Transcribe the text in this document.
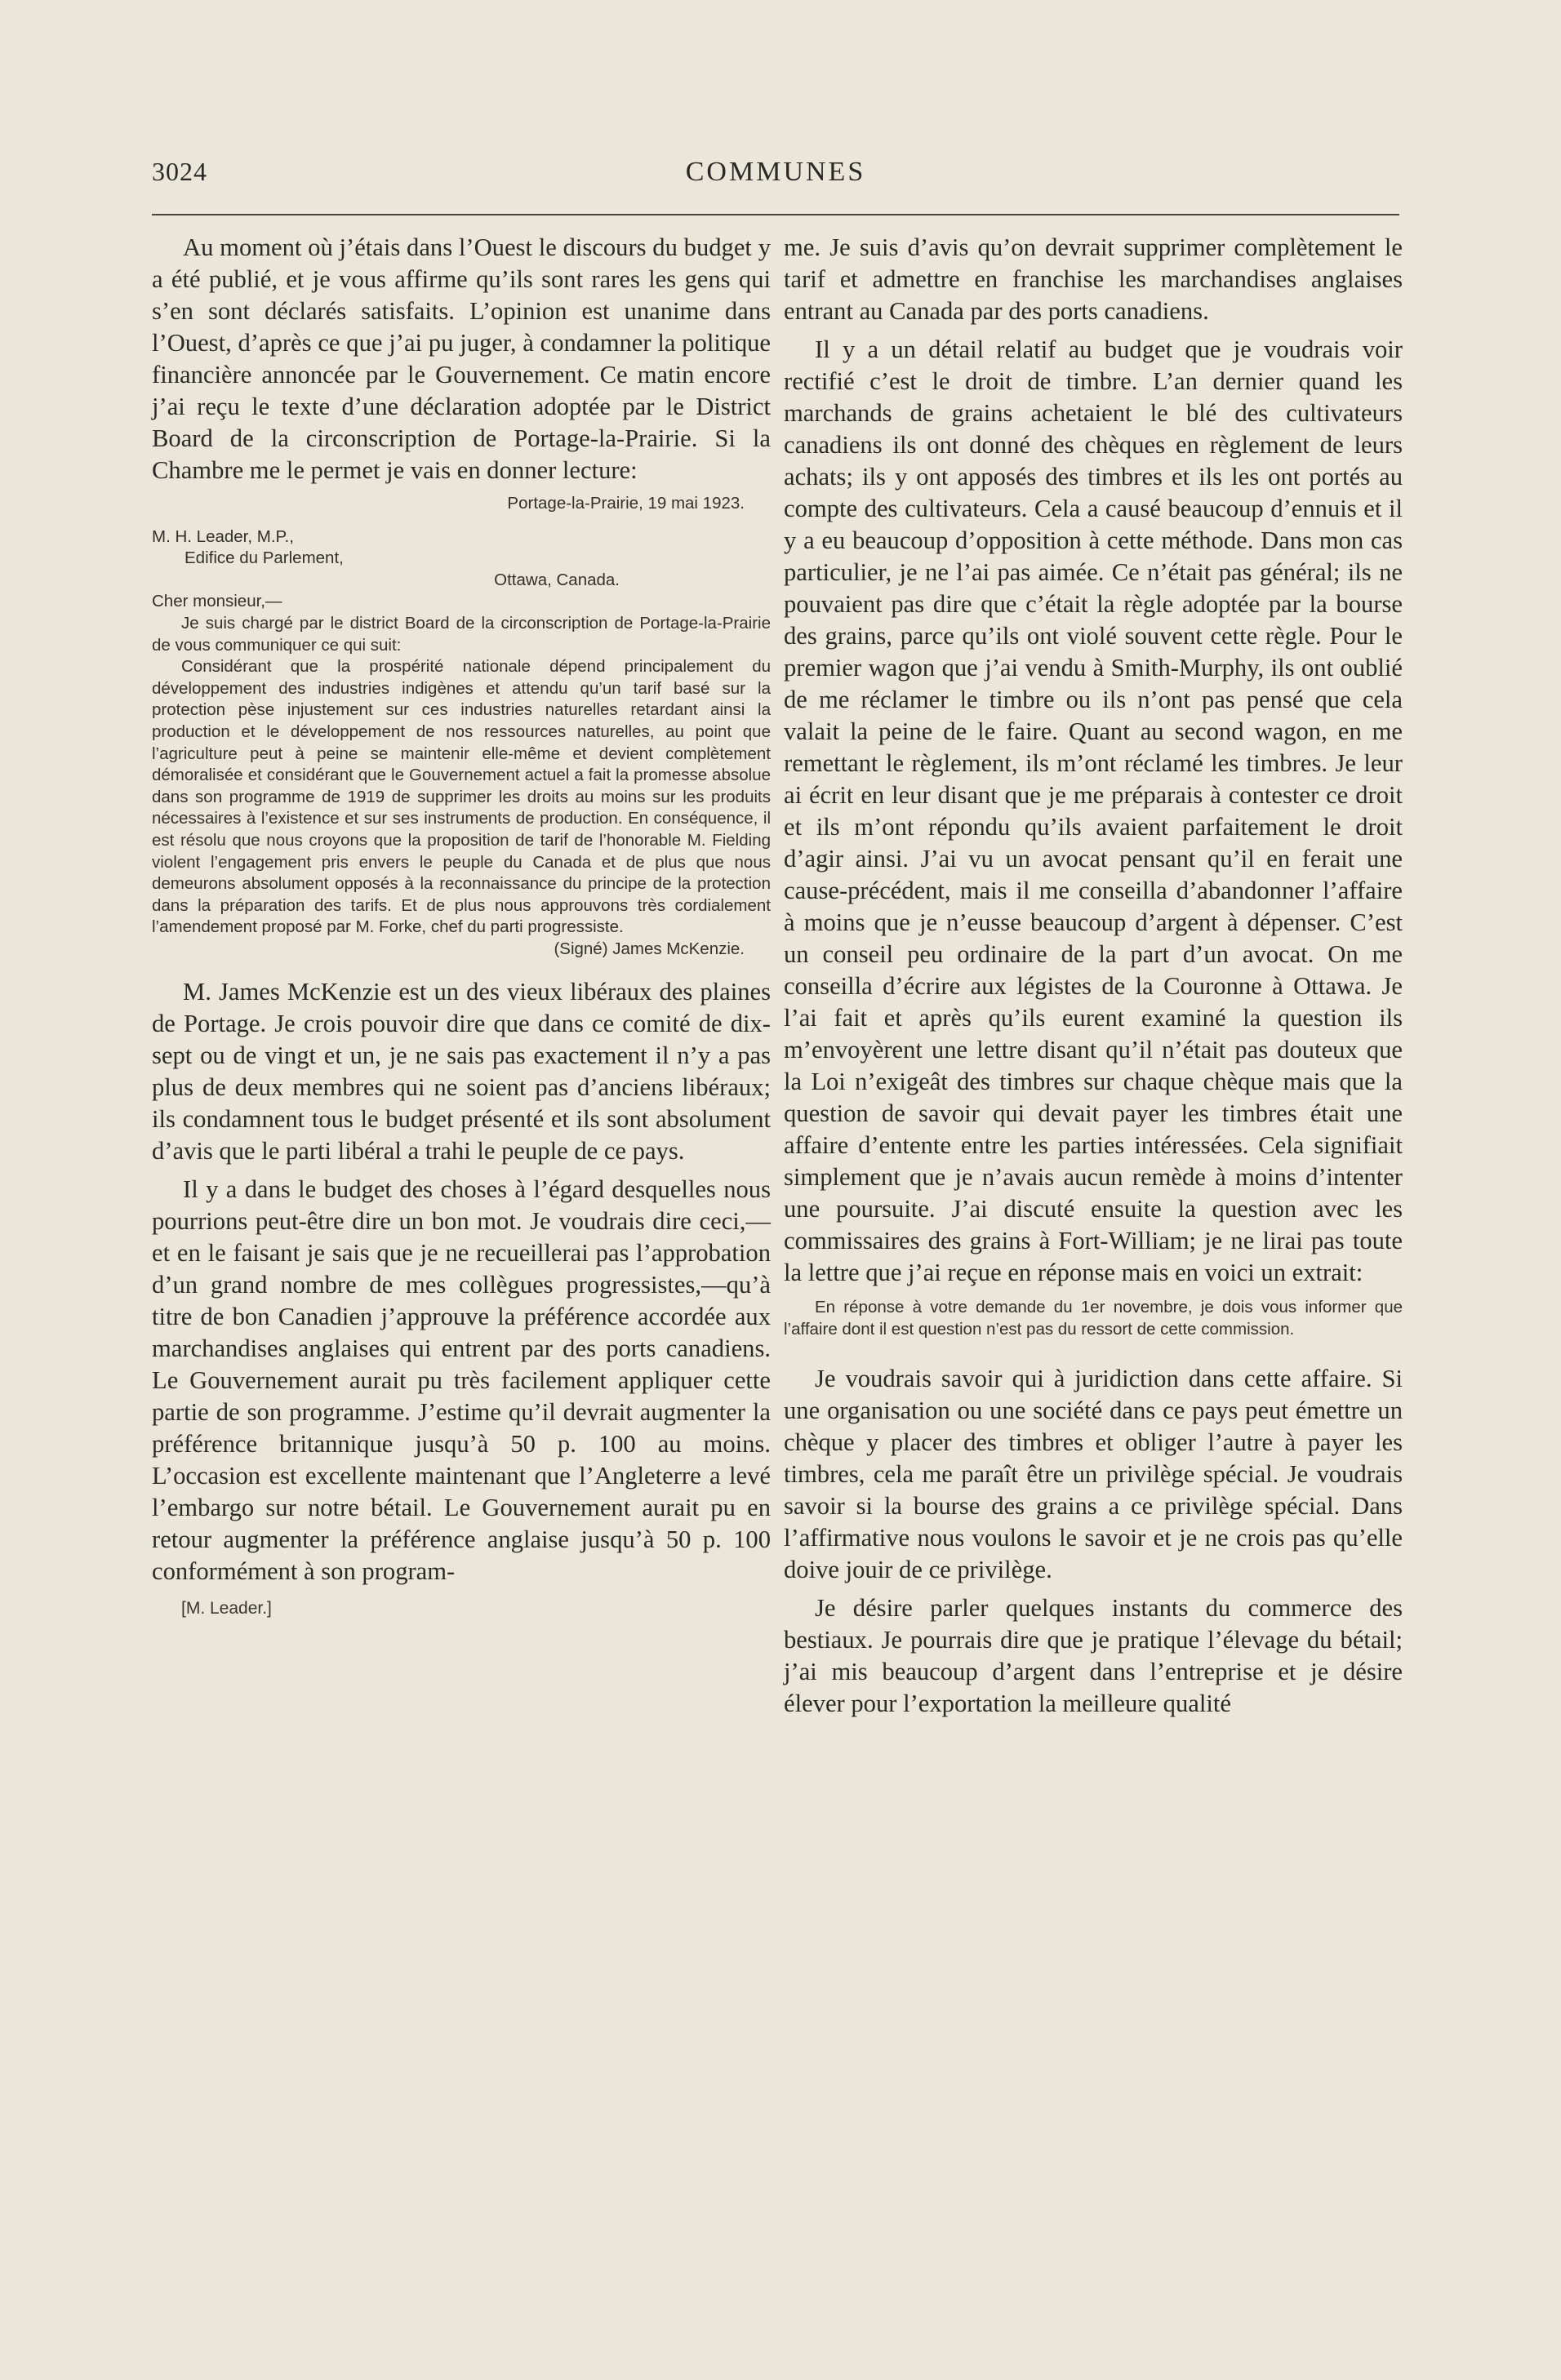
3024	COMMUNES

Au moment où j’étais dans l’Ouest le discours du budget y a été publié, et je vous affirme qu’ils sont rares les gens qui s’en sont déclarés satisfaits. L’opinion est unanime dans l’Ouest, d’après ce que j’ai pu juger, à condamner la politique financière annoncée par le Gouvernement. Ce matin encore j’ai reçu le texte d’une déclaration adoptée par le District Board de la circonscription de Portage-la-Prairie. Si la Chambre me le permet je vais en donner lecture:

Portage-la-Prairie, 19 mai 1923.

M. H. Leader, M.P.,

Edifice du Parlement,

Ottawa, Canada.

Cher monsieur,—

Je suis chargé par le district Board de la circonscription de Portage-la-Prairie de vous communiquer ce qui suit:

Considérant que la prospérité nationale dépend principalement du développement des industries indigènes et attendu qu’un tarif basé sur la protection pèse injustement sur ces industries naturelles retardant ainsi la production et le développement de nos ressources naturelles, au point que l’agriculture peut à peine se maintenir elle-même et devient complètement démoralisée et considérant que le Gouvernement actuel a fait la promesse absolue dans son programme de 1919 de supprimer les droits au moins sur les produits nécessaires à l’existence et sur ses instruments de production. En conséquence, il est résolu que nous croyons que la proposition de tarif de l’honorable M. Fielding violent l’engagement pris envers le peuple du Canada et de plus que nous demeurons absolument opposés à la reconnaissance du principe de la protection dans la préparation des tarifs. Et de plus nous approuvons très cordialement l’amendement proposé par M. Forke, chef du parti progressiste.

(Signé) James McKenzie.

M. James McKenzie est un des vieux libéraux des plaines de Portage. Je crois pouvoir dire que dans ce comité de dix-sept ou de vingt et un, je ne sais pas exactement il n’y a pas plus de deux membres qui ne soient pas d’anciens libéraux; ils condamnent tous le budget présenté et ils sont absolument d’avis que le parti libéral a trahi le peuple de ce pays.

Il y a dans le budget des choses à l’égard desquelles nous pourrions peut-être dire un bon mot. Je voudrais dire ceci,—et en le faisant je sais que je ne recueillerai pas l’approbation d’un grand nombre de mes collègues progressistes,—qu’à titre de bon Canadien j’approuve la préférence accordée aux marchandises anglaises qui entrent par des ports canadiens. Le Gouvernement aurait pu très facilement appliquer cette partie de son programme. J’estime qu’il devrait augmenter la préférence britannique jusqu’à 50 p. 100 au moins. L’occasion est excellente maintenant que l’Angleterre a levé l’embargo sur notre bétail. Le Gouvernement aurait pu en retour augmenter la préférence anglaise jusqu’à 50 p. 100 conformément à son program-

[M. Leader.]

me. Je suis d’avis qu’on devrait supprimer complètement le tarif et admettre en franchise les marchandises anglaises entrant au Canada par des ports canadiens.

Il y a un détail relatif au budget que je voudrais voir rectifié c’est le droit de timbre. L’an dernier quand les marchands de grains achetaient le blé des cultivateurs canadiens ils ont donné des chèques en règlement de leurs achats; ils y ont apposés des timbres et ils les ont portés au compte des cultivateurs. Cela a causé beaucoup d’ennuis et il y a eu beaucoup d’opposition à cette méthode. Dans mon cas particulier, je ne l’ai pas aimée. Ce n’était pas général; ils ne pouvaient pas dire que c’était la règle adoptée par la bourse des grains, parce qu’ils ont violé souvent cette règle. Pour le premier wagon que j’ai vendu à Smith-Murphy, ils ont oublié de me réclamer le timbre ou ils n’ont pas pensé que cela valait la peine de le faire. Quant au second wagon, en me remettant le règlement, ils m’ont réclamé les timbres. Je leur ai écrit en leur disant que je me préparais à contester ce droit et ils m’ont répondu qu’ils avaient parfaitement le droit d’agir ainsi. J’ai vu un avocat pensant qu’il en ferait une cause-précédent, mais il me conseilla d’abandonner l’affaire à moins que je n’eusse beaucoup d’argent à dépenser. C’est un conseil peu ordinaire de la part d’un avocat. On me conseilla d’écrire aux légistes de la Couronne à Ottawa. Je l’ai fait et après qu’ils eurent examiné la question ils m’envoyèrent une lettre disant qu’il n’était pas douteux que la Loi n’exigeât des timbres sur chaque chèque mais que la question de savoir qui devait payer les timbres était une affaire d’entente entre les parties intéressées. Cela signifiait simplement que je n’avais aucun remède à moins d’intenter une poursuite. J’ai discuté ensuite la question avec les commissaires des grains à Fort-William; je ne lirai pas toute la lettre que j’ai reçue en réponse mais en voici un extrait:

En réponse à votre demande du 1er novembre, je dois vous informer que l’affaire dont il est question n’est pas du ressort de cette commission.

Je voudrais savoir qui à juridiction dans cette affaire. Si une organisation ou une société dans ce pays peut émettre un chèque y placer des timbres et obliger l’autre à payer les timbres, cela me paraît être un privilège spécial. Je voudrais savoir si la bourse des grains a ce privilège spécial. Dans l’affirmative nous voulons le savoir et je ne crois pas qu’elle doive jouir de ce privilège.

Je désire parler quelques instants du commerce des bestiaux. Je pourrais dire que je pratique l’élevage du bétail; j’ai mis beaucoup d’argent dans l’entreprise et je désire élever pour l’exportation la meilleure qualité
